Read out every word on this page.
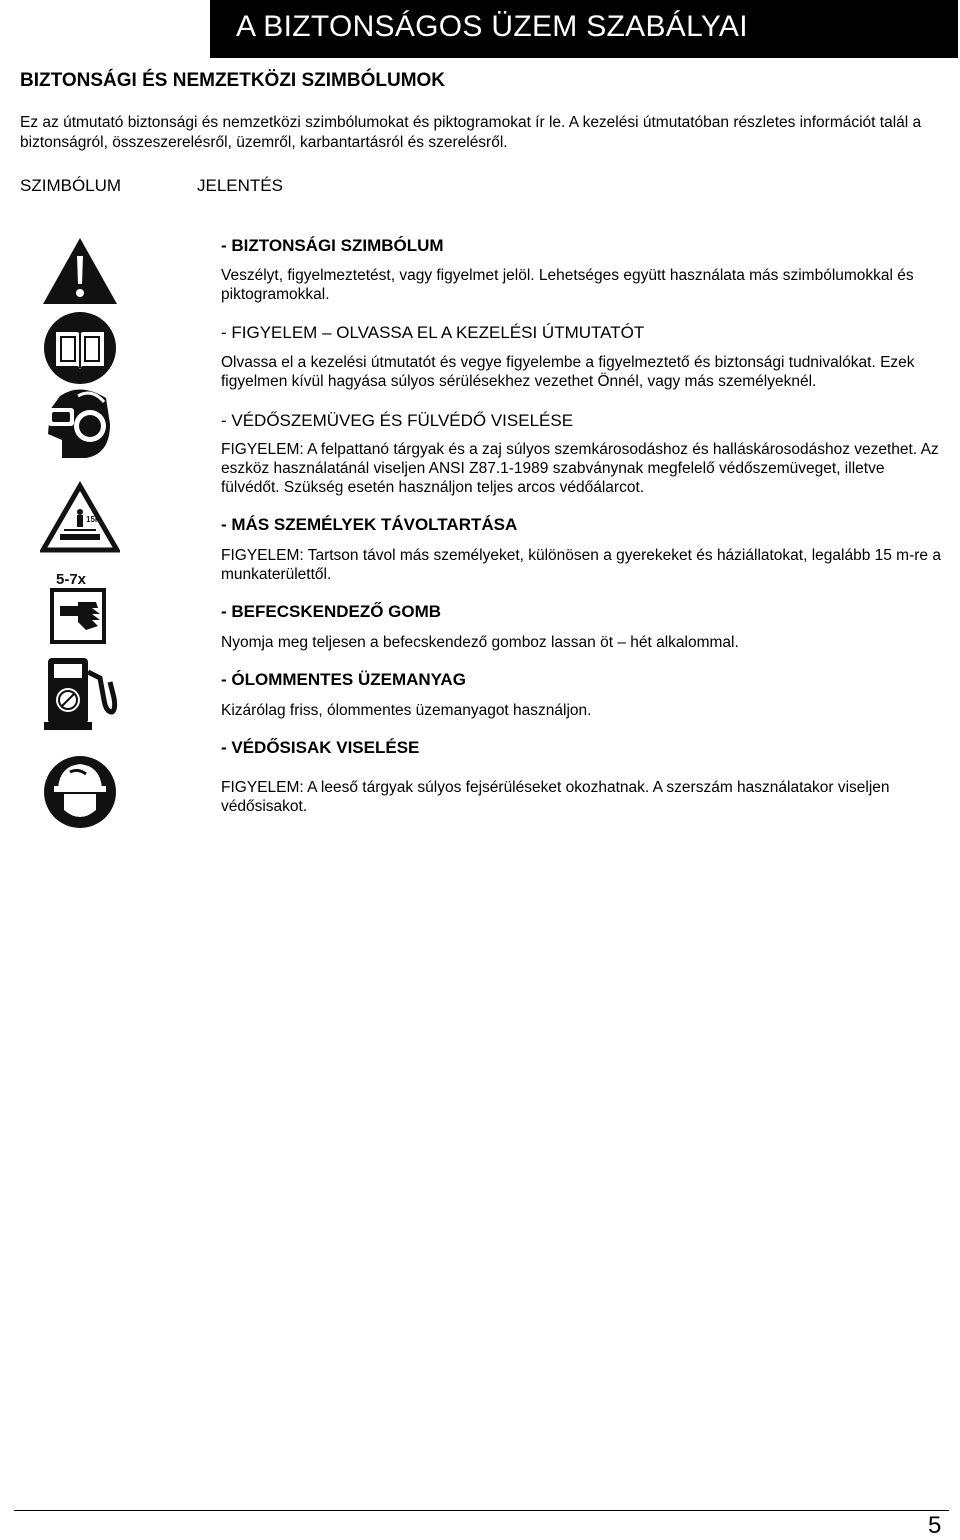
A BIZTONSÁGOS ÜZEM SZABÁLYAI
BIZTONSÁGI ÉS NEMZETKÖZI SZIMBÓLUMOK
Ez az útmutató biztonsági és nemzetközi szimbólumokat és piktogramokat ír le. A kezelési útmutatóban részletes információt talál a biztonságról, összeszerelésről, üzemről, karbantartásról és szerelésről.
SZIMBÓLUM	JELENTÉS
15m
5-7x
- BIZTONSÁGI SZIMBÓLUM
Veszélyt, figyelmeztetést, vagy figyelmet jelöl. Lehetséges együtt használata más szimbólumokkal és piktogramokkal.
- FIGYELEM – OLVASSA EL A KEZELÉSI ÚTMUTATÓT
Olvassa el a kezelési útmutatót és vegye figyelembe a figyelmeztető és biztonsági tudnivalókat. Ezek figyelmen kívül hagyása súlyos sérülésekhez vezethet Önnél, vagy más személyeknél.
- VÉDŐSZEMÜVEG ÉS FÜLVÉDŐ VISELÉSE
FIGYELEM: A felpattanó tárgyak és a zaj súlyos szemkárosodáshoz és halláskárosodáshoz vezethet. Az eszköz használatánál viseljen ANSI Z87.1-1989 szabványnak megfelelő védőszemüveget, illetve fülvédőt. Szükség esetén használjon teljes arcos védőálarcot.
- MÁS SZEMÉLYEK TÁVOLTARTÁSA
FIGYELEM: Tartson távol más személyeket, különösen a gyerekeket és háziállatokat, legalább 15 m-re a munkaterülettől.
- BEFECSKENDEZŐ GOMB
Nyomja meg teljesen a befecskendező gomboz lassan öt – hét alkalommal.
- ÓLOMMENTES ÜZEMANYAG
Kizárólag friss, ólommentes üzemanyagot használjon.
- VÉDŐSISAK VISELÉSE
FIGYELEM: A leeső tárgyak súlyos fejsérüléseket okozhatnak. A szerszám használatakor viseljen védősisakot.
5
